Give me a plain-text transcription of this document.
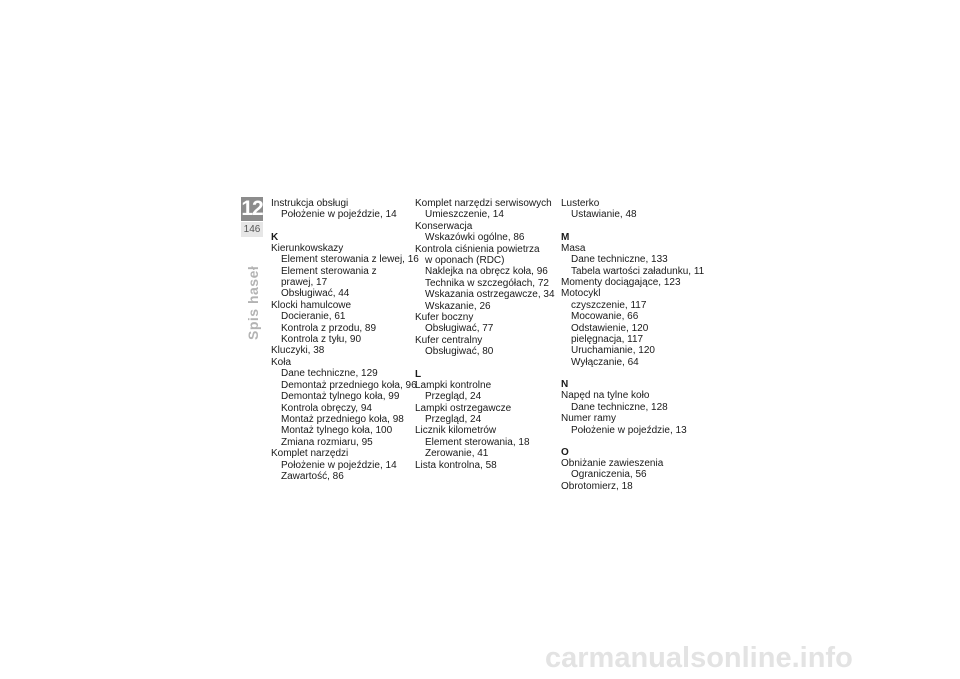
12
146
Spis haseł
Instrukcja obsługi
Położenie w pojeździe, 14
K
Kierunkowskazy
Element sterowania z lewej, 16
Element sterowania z
prawej, 17
Obsługiwać, 44
Klocki hamulcowe
Docieranie, 61
Kontrola z przodu, 89
Kontrola z tyłu, 90
Kluczyki, 38
Koła
Dane techniczne, 129
Demontaż przedniego koła, 96
Demontaż tylnego koła, 99
Kontrola obręczy, 94
Montaż przedniego koła, 98
Montaż tylnego koła, 100
Zmiana rozmiaru, 95
Komplet narzędzi
Położenie w pojeździe, 14
Zawartość, 86
Komplet narzędzi serwisowych
Umieszczenie, 14
Konserwacja
Wskazówki ogólne, 86
Kontrola ciśnienia powietrza
w oponach (RDC)
Naklejka na obręcz koła, 96
Technika w szczegółach, 72
Wskazania ostrzegawcze, 34
Wskazanie, 26
Kufer boczny
Obsługiwać, 77
Kufer centralny
Obsługiwać, 80
L
Lampki kontrolne
Przegląd, 24
Lampki ostrzegawcze
Przegląd, 24
Licznik kilometrów
Element sterowania, 18
Zerowanie, 41
Lista kontrolna, 58
Lusterko
Ustawianie, 48
M
Masa
Dane techniczne, 133
Tabela wartości załadunku, 11
Momenty dociągające, 123
Motocykl
czyszczenie, 117
Mocowanie, 66
Odstawienie, 120
pielęgnacja, 117
Uruchamianie, 120
Wyłączanie, 64
N
Napęd na tylne koło
Dane techniczne, 128
Numer ramy
Położenie w pojeździe, 13
O
Obniżanie zawieszenia
Ograniczenia, 56
Obrotomierz, 18
carmanualsonline.info
